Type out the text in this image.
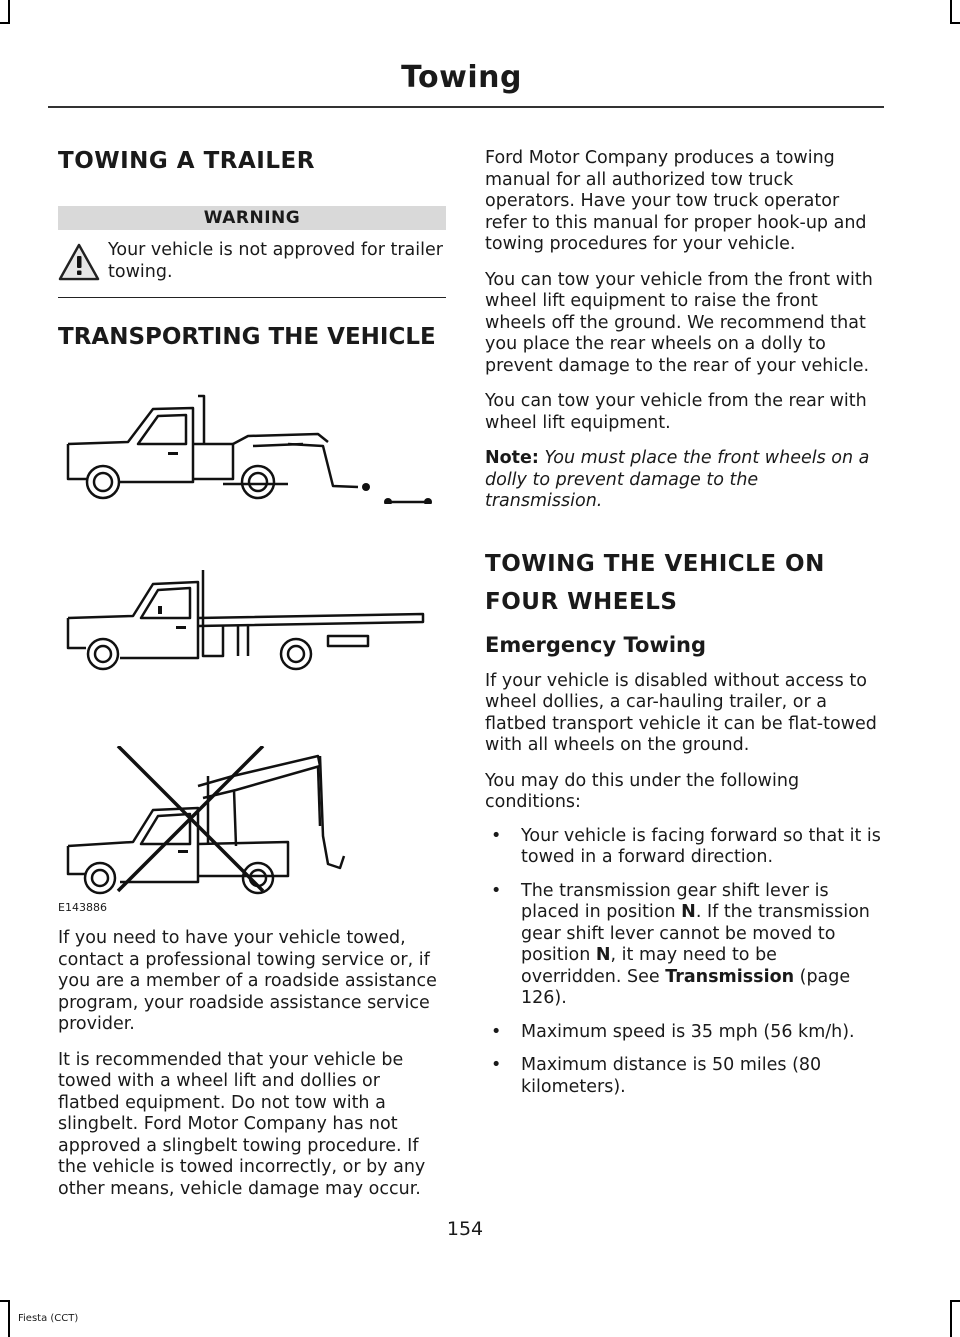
Towing
TOWING A TRAILER
WARNING

Your vehicle is not approved for trailer towing.

TRANSPORTING THE VEHICLE
E143886

If you need to have your vehicle towed, contact a professional towing service or, if you are a member of a roadside assistance program, your roadside assistance service provider.

It is recommended that your vehicle be towed with a wheel lift and dollies or flatbed equipment. Do not tow with a slingbelt. Ford Motor Company has not approved a slingbelt towing procedure. If the vehicle is towed incorrectly, or by any other means, vehicle damage may occur.

Ford Motor Company produces a towing manual for all authorized tow truck operators. Have your tow truck operator refer to this manual for proper hook-up and towing procedures for your vehicle.

You can tow your vehicle from the front with wheel lift equipment to raise the front wheels off the ground. We recommend that you place the rear wheels on a dolly to prevent damage to the rear of your vehicle.

You can tow your vehicle from the rear with wheel lift equipment.

Note: You must place the front wheels on a dolly to prevent damage to the transmission.

TOWING THE VEHICLE ON
FOUR WHEELS
Emergency Towing

If your vehicle is disabled without access to wheel dollies, a car-hauling trailer, or a flatbed transport vehicle it can be flat-towed with all wheels on the ground.

You may do this under the following conditions:

• Your vehicle is facing forward so that it is towed in a forward direction.
• The transmission gear shift lever is placed in position N. If the transmission gear shift lever cannot be moved to position N, it may need to be overridden. See Transmission (page 126).
• Maximum speed is 35 mph (56 km/h).
• Maximum distance is 50 miles (80 kilometers).
154
Fiesta (CCT)
